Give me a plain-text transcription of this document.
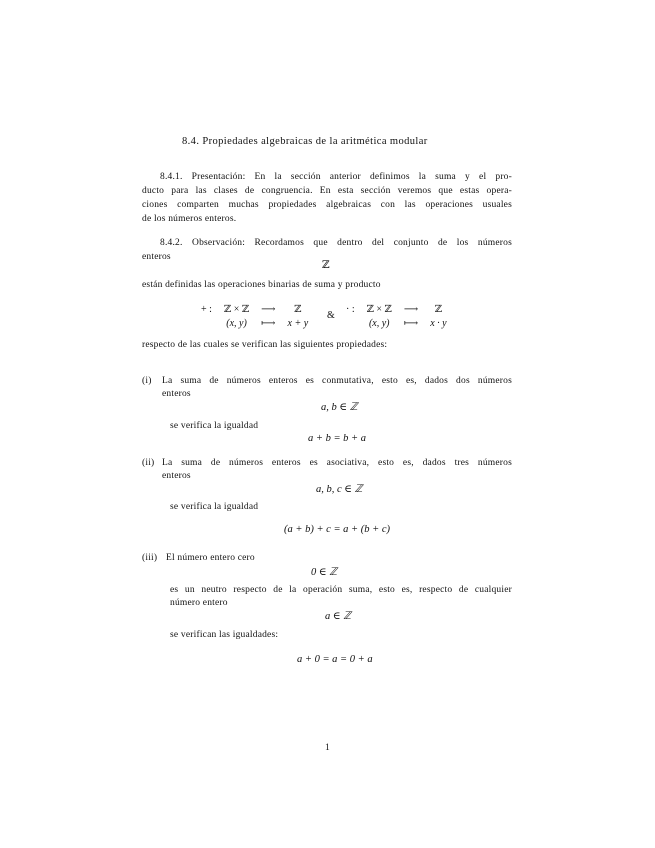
8.4. Propiedades algebraicas de la aritmética modular
8.4.1. Presentación: En la sección anterior definimos la suma y el pro-
ducto para las clases de congruencia. En esta sección veremos que estas opera-
ciones comparten muchas propiedades algebraicas con las operaciones usuales
de los números enteros.
8.4.2. Observación: Recordamos que dentro del conjunto de los números
enteros
ℤ
están definidas las operaciones binarias de suma y producto
+ :	ℤ × ℤ	⟶	ℤ
	(x, y)	⟼	x + y
&
· :	ℤ × ℤ	⟶	ℤ
	(x, y)	⟼	x · y
respecto de las cuales se verifican las siguientes propiedades:
(i) La suma de números enteros es conmutativa, esto es, dados dos números
enteros
a, b ∈ ℤ
se verifica la igualdad
a + b = b + a
(ii) La suma de números enteros es asociativa, esto es, dados tres números
enteros
a, b, c ∈ ℤ
se verifica la igualdad
(a + b) + c = a + (b + c)
(iii) El número entero cero
0 ∈ ℤ
es un neutro respecto de la operación suma, esto es, respecto de cualquier
número entero
a ∈ ℤ
se verifican las igualdades:
a + 0 = a = 0 + a
1
